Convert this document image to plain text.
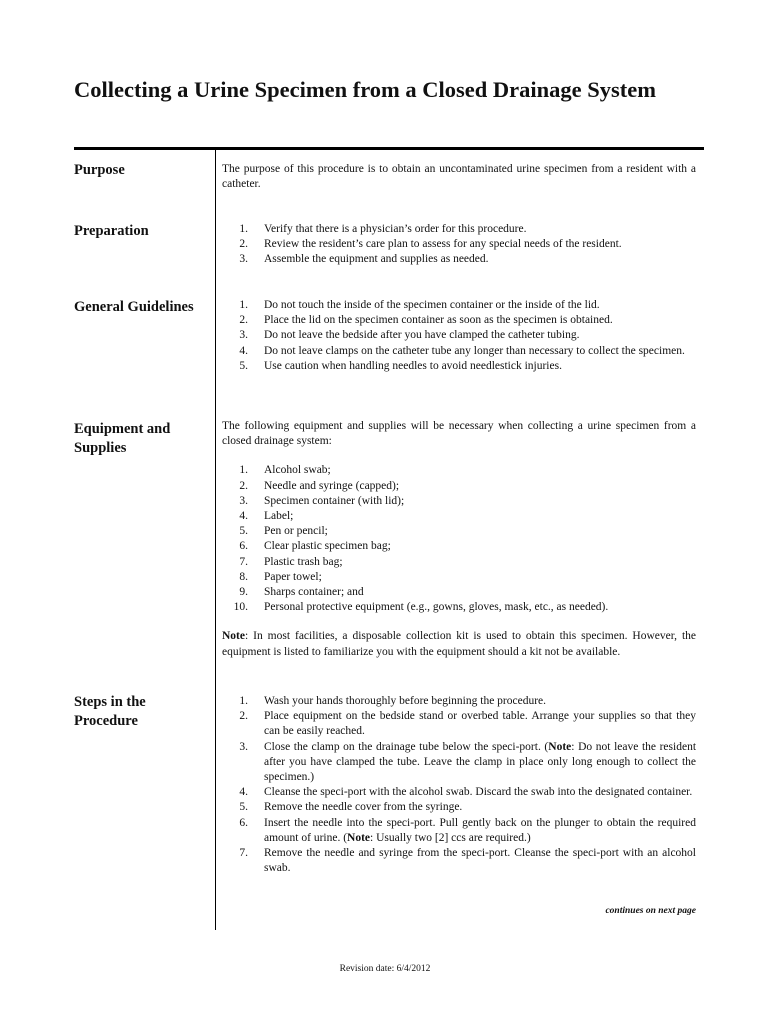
Collecting a Urine Specimen from a Closed Drainage System
Purpose	The purpose of this procedure is to obtain an uncontaminated urine specimen from a resident with a catheter.

Preparation	1. Verify that there is a physician’s order for this procedure.
2. Review the resident’s care plan to assess for any special needs of the resident.
3. Assemble the equipment and supplies as needed.
General Guidelines	1. Do not touch the inside of the specimen container or the inside of the lid.
2. Place the lid on the specimen container as soon as the specimen is obtained.
3. Do not leave the bedside after you have clamped the catheter tubing.
4. Do not leave clamps on the catheter tube any longer than necessary to collect the specimen.
5. Use caution when handling needles to avoid needlestick injuries.
Equipment and
Supplies

The following equipment and supplies will be necessary when collecting a urine specimen from a closed drainage system:

1. Alcohol swab;
2. Needle and syringe (capped);
3. Specimen container (with lid);
4. Label;
5. Pen or pencil;
6. Clear plastic specimen bag;
7. Plastic trash bag;
8. Paper towel;
9. Sharps container; and
10. Personal protective equipment (e.g., gowns, gloves, mask, etc., as needed).

Note: In most facilities, a disposable collection kit is used to obtain this specimen. However, the equipment is listed to familiarize you with the equipment should a kit not be available.

Steps in the
Procedure
1. Wash your hands thoroughly before beginning the procedure.
2. Place equipment on the bedside stand or overbed table. Arrange your supplies so that they can be easily reached.
3. Close the clamp on the drainage tube below the speci-port. (Note: Do not leave the resident after you have clamped the tube. Leave the clamp in place only long enough to collect the specimen.)
4. Cleanse the speci-port with the alcohol swab. Discard the swab into the designated container.
5. Remove the needle cover from the syringe.
6. Insert the needle into the speci-port. Pull gently back on the plunger to obtain the required amount of urine. (Note: Usually two [2] ccs are required.)
7. Remove the needle and syringe from the speci-port. Cleanse the speci-port with an alcohol swab.
continues on next page
Revision date: 6/4/2012
